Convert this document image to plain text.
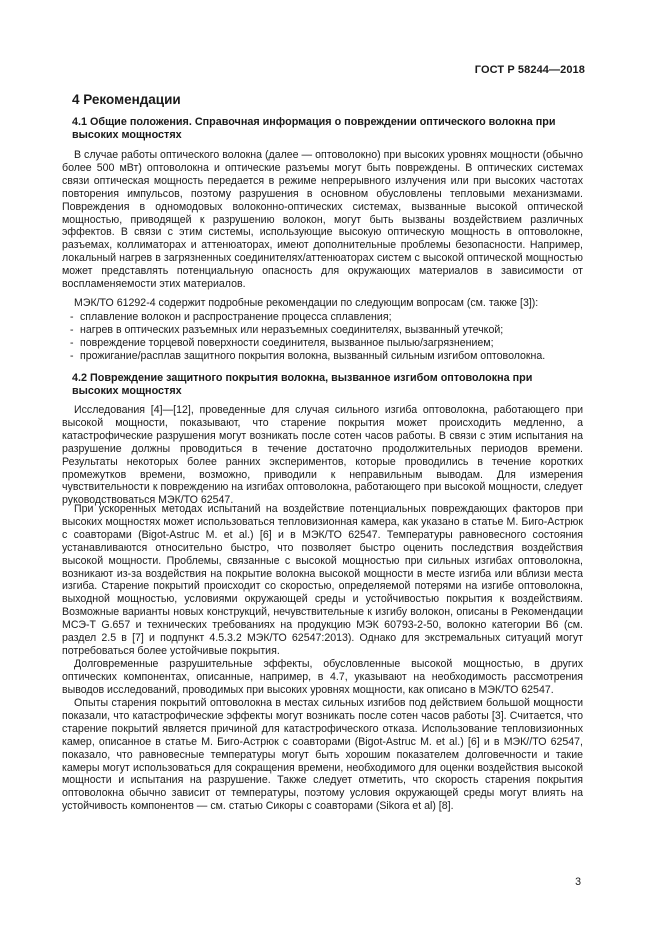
ГОСТ Р 58244—2018
4 Рекомендации
4.1 Общие положения. Справочная информация о повреждении оптического волокна при высоких мощностях
В случае работы оптического волокна (далее — оптоволокно) при высоких уровнях мощности (обычно более 500 мВт) оптоволокна и оптические разъемы могут быть повреждены. В оптических системах связи оптическая мощность передается в режиме непрерывного излучения или при высоких частотах повторения импульсов, поэтому разрушения в основном обусловлены тепловыми механизмами. Повреждения в одномодовых волоконно-оптических системах, вызванные высокой оптической мощностью, приводящей к разрушению волокон, могут быть вызваны воздействием различных эффектов. В связи с этим системы, использующие высокую оптическую мощность в оптоволокне, разъемах, коллиматорах и аттенюаторах, имеют дополнительные проблемы безопасности. Например, локальный нагрев в загрязненных соединителях/аттенюаторах систем с высокой оптической мощностью может представлять потенциальную опасность для окружающих материалов в зависимости от воспламеняемости этих материалов.
МЭК/ТО 61292-4 содержит подробные рекомендации по следующим вопросам (см. также [3]):
- сплавление волокон и распространение процесса сплавления;
- нагрев в оптических разъемных или неразъемных соединителях, вызванный утечкой;
- повреждение торцевой поверхности соединителя, вызванное пылью/загрязнением;
- прожигание/расплав защитного покрытия волокна, вызванный сильным изгибом оптоволокна.
4.2 Повреждение защитного покрытия волокна, вызванное изгибом оптоволокна при высоких мощностях
Исследования [4]—[12], проведенные для случая сильного изгиба оптоволокна, работающего при высокой мощности, показывают, что старение покрытия может происходить медленно, а катастрофические разрушения могут возникать после сотен часов работы. В связи с этим испытания на разрушение должны проводиться в течение достаточно продолжительных периодов времени. Результаты некоторых более ранних экспериментов, которые проводились в течение коротких промежутков времени, возможно, приводили к неправильным выводам. Для измерения чувствительности к повреждению на изгибах оптоволокна, работающего при высокой мощности, следует руководствоваться МЭК/ТО 62547.
При ускоренных методах испытаний на воздействие потенциальных повреждающих факторов при высоких мощностях может использоваться тепловизионная камера, как указано в статье М. Биго-Астрюк с соавторами (Bigot-Astruc M. et al.) [6] и в МЭК/ТО 62547. Температуры равновесного состояния устанавливаются относительно быстро, что позволяет быстро оценить последствия воздействия высокой мощности. Проблемы, связанные с высокой мощностью при сильных изгибах оптоволокна, возникают из-за воздействия на покрытие волокна высокой мощности в месте изгиба или вблизи места изгиба. Старение покрытий происходит со скоростью, определяемой потерями на изгибе оптоволокна, выходной мощностью, условиями окружающей среды и устойчивостью покрытия к воздействиям. Возможные варианты новых конструкций, нечувствительные к изгибу волокон, описаны в Рекомендации МСЭ-Т G.657 и технических требованиях на продукцию МЭК 60793-2-50, волокно категории B6 (см. раздел 2.5 в [7] и подпункт 4.5.3.2 МЭК/ТО 62547:2013). Однако для экстремальных ситуаций могут потребоваться более устойчивые покрытия.
Долговременные разрушительные эффекты, обусловленные высокой мощностью, в других оптических компонентах, описанные, например, в 4.7, указывают на необходимость рассмотрения выводов исследований, проводимых при высоких уровнях мощности, как описано в МЭК/ТО 62547.
Опыты старения покрытий оптоволокна в местах сильных изгибов под действием большой мощности показали, что катастрофические эффекты могут возникать после сотен часов работы [3]. Считается, что старение покрытий является причиной для катастрофического отказа. Использование тепловизионных камер, описанное в статье М. Биго-Астрюк с соавторами (Bigot-Astruc M. et al.) [6] и в МЭК//ТО 62547, показало, что равновесные температуры могут быть хорошим показателем долговечности и такие камеры могут использоваться для сокращения времени, необходимого для оценки воздействия высокой мощности и испытания на разрушение. Также следует отметить, что скорость старения покрытия оптоволокна обычно зависит от температуры, поэтому условия окружающей среды могут влиять на устойчивость компонентов — см. статью Сикоры с соавторами (Sikora et al) [8].
3
